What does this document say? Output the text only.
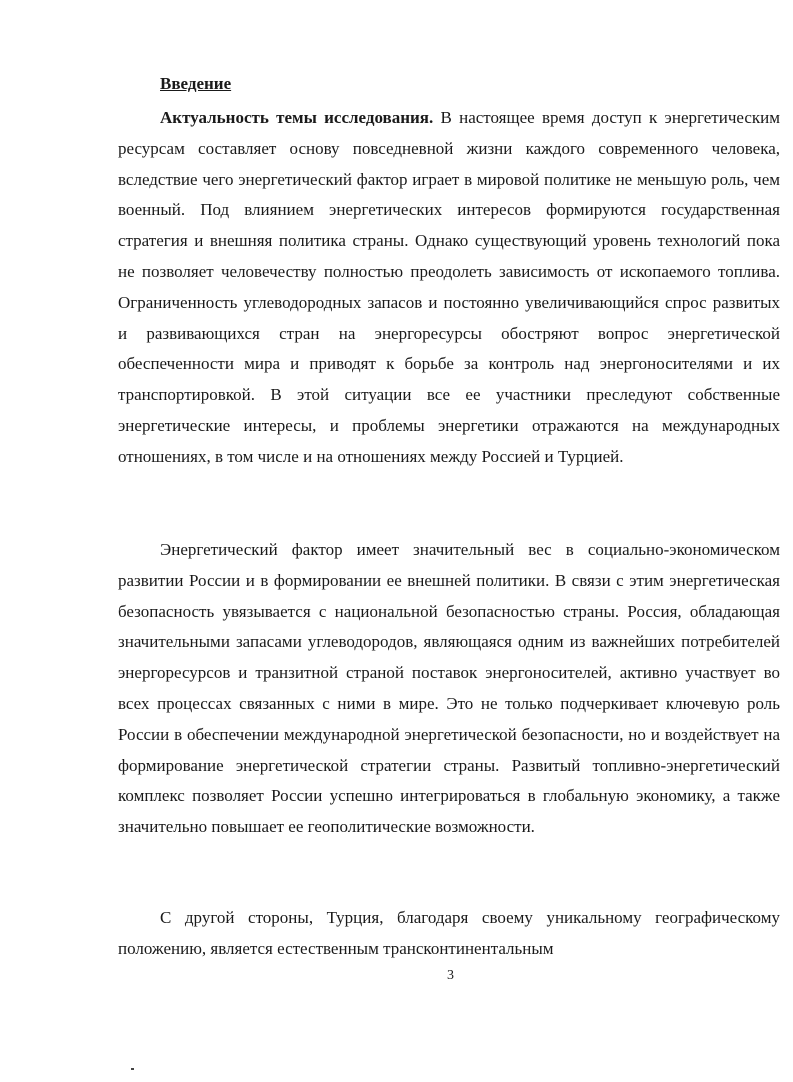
Введение

Актуальность темы исследования. В настоящее время доступ к энергетическим ресурсам составляет основу повседневной жизни каждого современного человека, вследствие чего энергетический фактор играет в мировой политике не меньшую роль, чем военный. Под влиянием энергетических интересов формируются государственная стратегия и внешняя политика страны. Однако существующий уровень технологий пока не позволяет человечеству полностью преодолеть зависимость от ископаемого топлива. Ограниченность углеводородных запасов и постоянно увеличивающийся спрос развитых и развивающихся стран на энергоресурсы обостряют вопрос энергетической обеспеченности мира и приводят к борьбе за контроль над энергоносителями и их транспортировкой. В этой ситуации все ее участники преследуют собственные энергетические интересы, и проблемы энергетики отражаются на международных отношениях, в том числе и на отношениях между Россией и Турцией.

Энергетический фактор имеет значительный вес в социально-экономическом развитии России и в формировании ее внешней политики. В связи с этим энергетическая безопасность увязывается с национальной безопасностью страны. Россия, обладающая значительными запасами углеводородов, являющаяся одним из важнейших потребителей энергоресурсов и транзитной страной поставок энергоносителей, активно участвует во всех процессах связанных с ними в мире. Это не только подчеркивает ключевую роль России в обеспечении международной энергетической безопасности, но и воздействует на формирование энергетической стратегии страны. Развитый топливно-энергетический комплекс позволяет России успешно интегрироваться в глобальную экономику, а также значительно повышает ее геополитические возможности.

С другой стороны, Турция, благодаря своему уникальному географическому положению, является естественным трансконтинентальным

3
